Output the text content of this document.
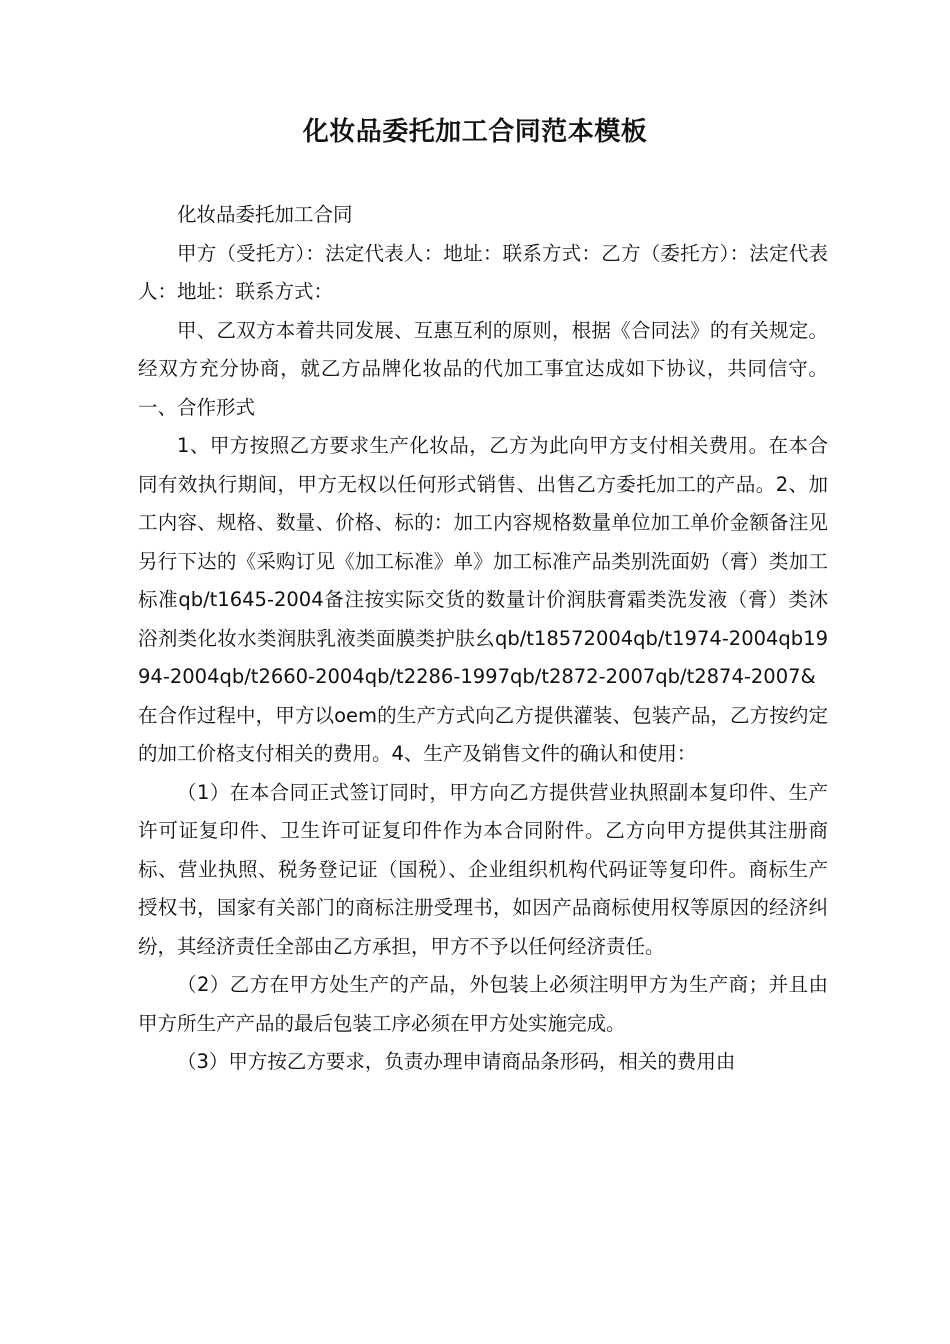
化妆品委托加工合同范本模板

化妆品委托加工合同

甲方（受托方）：法定代表人：地址：联系方式：乙方（委托方）：法定代表人：地址：联系方式：

甲、乙双方本着共同发展、互惠互利的原则，根据《合同法》的有关规定。经双方充分协商，就乙方品牌化妆品的代加工事宜达成如下协议，共同信守。一、合作形式

1、甲方按照乙方要求生产化妆品，乙方为此向甲方支付相关费用。在本合同有效执行期间，甲方无权以任何形式销售、出售乙方委托加工的产品。2、加工内容、规格、数量、价格、标的：加工内容规格数量单位加工单价金额备注见另行下达的《采购订见《加工标准》单》加工标准产品类别洗面奶（膏）类加工标准qb/t1645-2004备注按实际交货的数量计价润肤膏霜类洗发液（膏）类沐浴剂类化妆水类润肤乳液类面膜类护肤幺qb/t18572004qb/t1974-2004qb1994-2004qb/t2660-2004qb/t2286-1997qb/t2872-2007qb/t2874-2007&在合作过程中，甲方以oem的生产方式向乙方提供灌装、包装产品，乙方按约定的加工价格支付相关的费用。4、生产及销售文件的确认和使用：

（1）在本合同正式签订同时，甲方向乙方提供营业执照副本复印件、生产许可证复印件、卫生许可证复印件作为本合同附件。乙方向甲方提供其注册商标、营业执照、税务登记证（国税）、企业组织机构代码证等复印件。商标生产授权书，国家有关部门的商标注册受理书，如因产品商标使用权等原因的经济纠纷，其经济责任全部由乙方承担，甲方不予以任何经济责任。

（2）乙方在甲方处生产的产品，外包装上必须注明甲方为生产商；并且由甲方所生产产品的最后包装工序必须在甲方处实施完成。

（3）甲方按乙方要求，负责办理申请商品条形码，相关的费用由
